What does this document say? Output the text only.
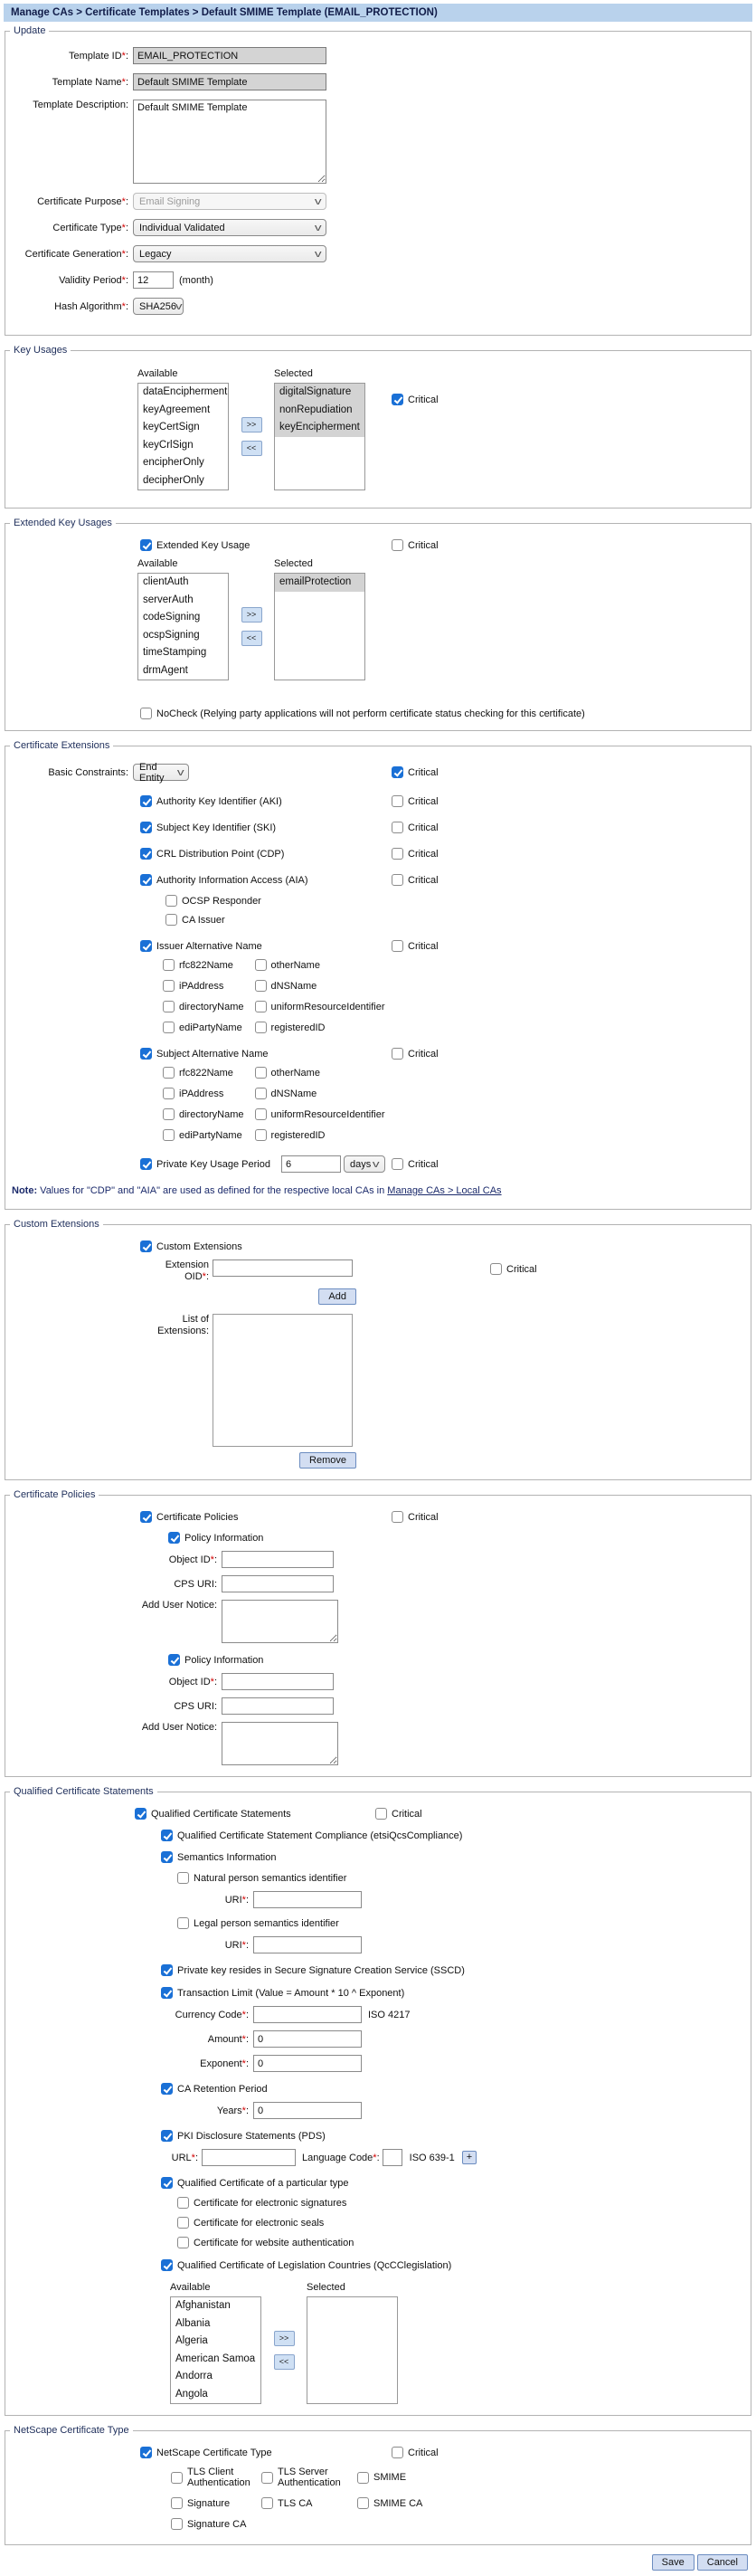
Manage CAs > Certificate Templates > Default SMIME Template (EMAIL_PROTECTION)
Update
Template ID*:
EMAIL_PROTECTION
Template Name*:
Default SMIME Template
Template Description:
Default SMIME Template
Certificate Purpose*:	Email Signing	v
Certificate Type*:	Individual Validated	v
Certificate Generation*:	Legacy	v
Validity Period*:
12	(month)
Hash Algorithm*:	SHA256
v
Key Usages
Available	Selected
dataEncipherment
keyAgreement
keyCertSign
keyCrlSign
encipherOnly
decipherOnly
>>
<<
digitalSignature
nonRepudiation
keyEncipherment
Critical
Extended Key Usages
Extended Key Usage	Critical
Available	Selected
clientAuth
serverAuth
codeSigning
ocspSigning
timeStamping
drmAgent
>>
<<
emailProtection
NoCheck (Relying party applications will not perform certificate status checking for this certificate)
Certificate Extensions
Basic Constraints:	End Entity	v	Critical
Authority Key Identifier (AKI)	Critical
Subject Key Identifier (SKI)	Critical
CRL Distribution Point (CDP)	Critical
Authority Information Access (AIA)	Critical
OCSP Responder
CA Issuer
Issuer Alternative Name	Critical
rfc822Name	otherName
iPAddress	dNSName
directoryName	uniformResourceIdentifier
ediPartyName	registeredID
Subject Alternative Name	Critical
rfc822Name	otherName
iPAddress	dNSName
directoryName	uniformResourceIdentifier
ediPartyName	registeredID
Private Key Usage Period
6	days v	Critical
Note: Values for "CDP" and "AIA" are used as defined for the respective local CAs in Manage CAs > Local CAs
Custom Extensions
Custom Extensions
Extension
OID*:
Critical
Add
List of Extensions:
Remove
Certificate Policies
Certificate Policies	Critical
Policy Information
Object ID*:
CPS URI:
Add User Notice:
Policy Information
Object ID*:
CPS URI:
Add User Notice:
Qualified Certificate Statements
Qualified Certificate Statements	Critical
Qualified Certificate Statement Compliance (etsiQcsCompliance)
Semantics Information
Natural person semantics identifier
URI*:
Legal person semantics identifier
URI*:
Private key resides in Secure Signature Creation Service (SSCD)
Transaction Limit (Value = Amount * 10 ^ Exponent)
Currency Code*:	ISO 4217
Amount*:
0
Exponent*:
0
CA Retention Period
Years*:
0
PKI Disclosure Statements (PDS)
URL*:	Language Code*:	ISO 639-1	+
Qualified Certificate of a particular type
Certificate for electronic signatures
Certificate for electronic seals
Certificate for website authentication
Qualified Certificate of Legislation Countries (QcCClegislation)
Available	Selected
Afghanistan
Albania
Algeria
American Samoa
Andorra
Angola
>>
<<
NetScape Certificate Type
NetScape Certificate Type	Critical
TLS Client Authentication
TLS Server Authentication	SMIME
Signature	TLS CA	SMIME CA
Signature CA
Save	Cancel
